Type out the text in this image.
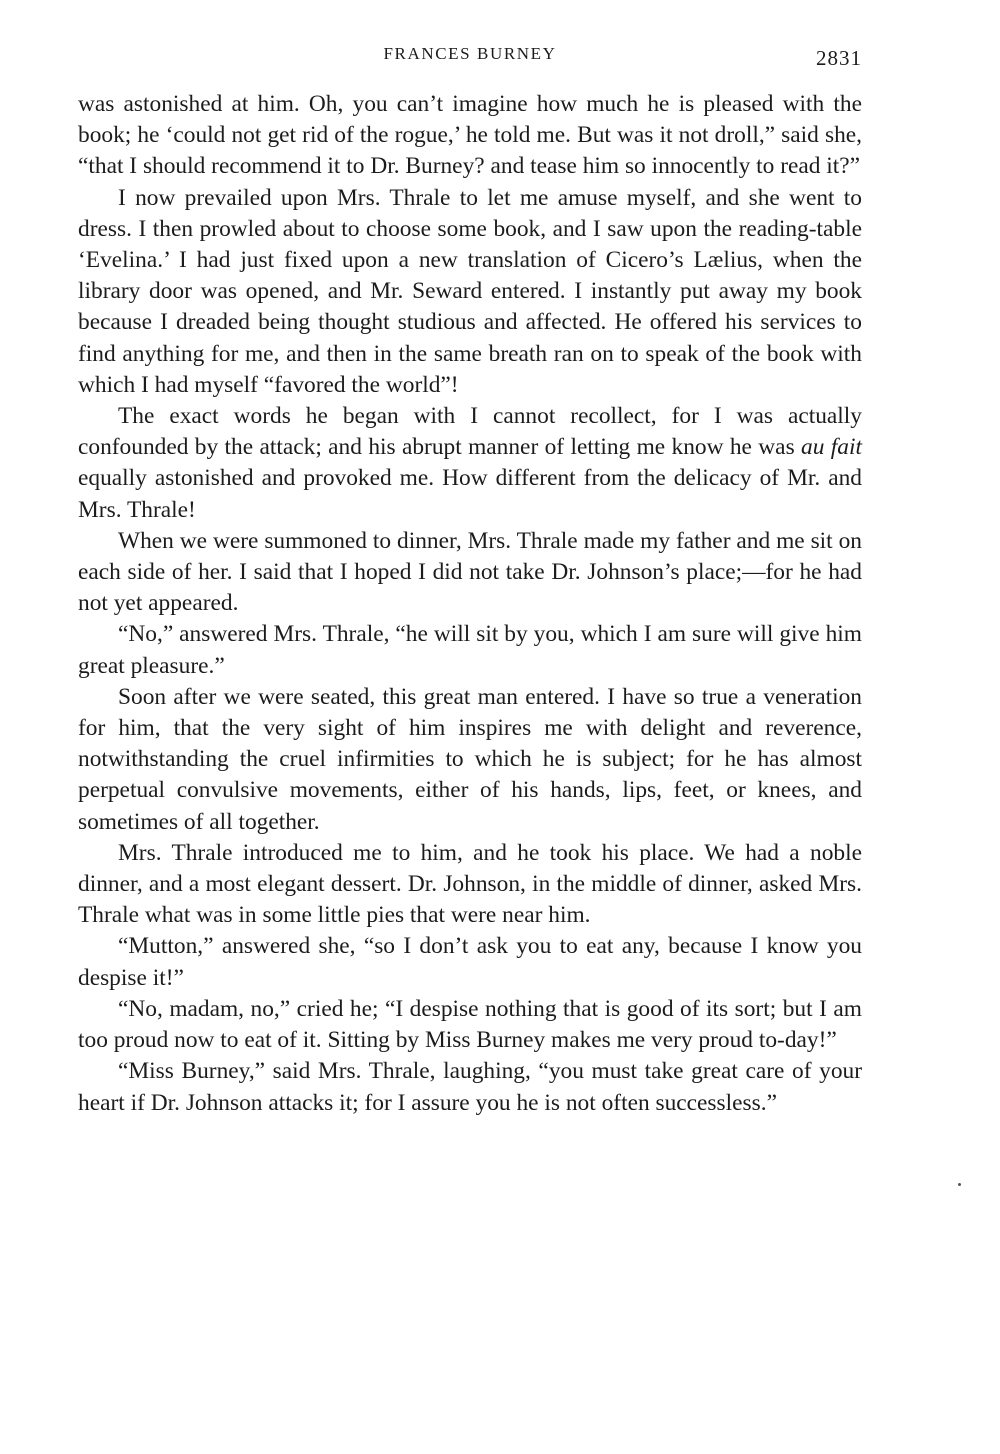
FRANCES BURNEY	2831

was astonished at him. Oh, you can’t imagine how much he is pleased with the book; he ‘could not get rid of the rogue,’ he told me. But was it not droll,” said she, “that I should recommend it to Dr. Burney? and tease him so innocently to read it?”

I now prevailed upon Mrs. Thrale to let me amuse myself, and she went to dress. I then prowled about to choose some book, and I saw upon the reading-table ‘Evelina.’ I had just fixed upon a new translation of Cicero’s Lælius, when the library door was opened, and Mr. Seward entered. I instantly put away my book because I dreaded being thought studious and affected. He offered his services to find anything for me, and then in the same breath ran on to speak of the book with which I had myself “favored the world”!

The exact words he began with I cannot recollect, for I was actually confounded by the attack; and his abrupt manner of letting me know he was au fait equally astonished and provoked me. How different from the delicacy of Mr. and Mrs. Thrale!

When we were summoned to dinner, Mrs. Thrale made my father and me sit on each side of her. I said that I hoped I did not take Dr. Johnson’s place;—for he had not yet appeared.

“No,” answered Mrs. Thrale, “he will sit by you, which I am sure will give him great pleasure.”

Soon after we were seated, this great man entered. I have so true a veneration for him, that the very sight of him inspires me with delight and reverence, notwithstanding the cruel infirmities to which he is subject; for he has almost perpetual convulsive movements, either of his hands, lips, feet, or knees, and sometimes of all together.

Mrs. Thrale introduced me to him, and he took his place. We had a noble dinner, and a most elegant dessert. Dr. Johnson, in the middle of dinner, asked Mrs. Thrale what was in some little pies that were near him.

“Mutton,” answered she, “so I don’t ask you to eat any, because I know you despise it!”

“No, madam, no,” cried he; “I despise nothing that is good of its sort; but I am too proud now to eat of it. Sitting by Miss Burney makes me very proud to-day!”

“Miss Burney,” said Mrs. Thrale, laughing, “you must take great care of your heart if Dr. Johnson attacks it; for I assure you he is not often successless.”
